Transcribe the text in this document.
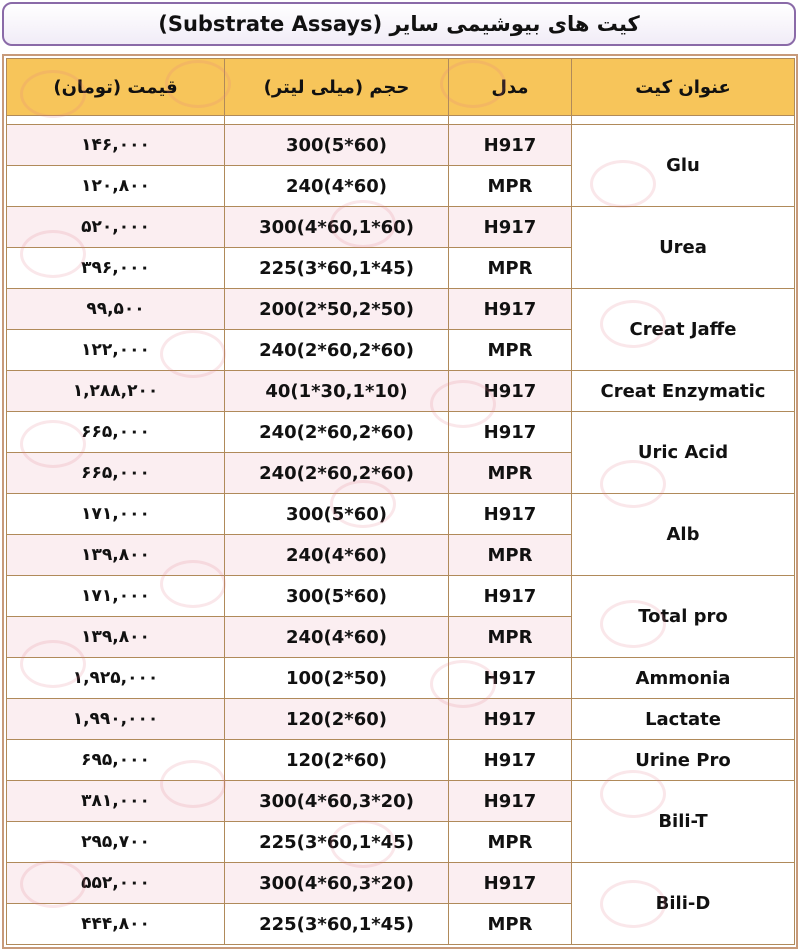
کیت های بیوشیمی سایر (Substrate Assays)
قیمت (تومان)	حجم (میلی لیتر)	مدل	عنوان کیت

۱۴۶,۰۰۰	300(5*60)	H917	Glu
۱۲۰,۸۰۰	240(4*60)	MPR	
۵۲۰,۰۰۰	300(4*60,1*60)	H917	Urea
۳۹۶,۰۰۰	225(3*60,1*45)	MPR	
۹۹,۵۰۰	200(2*50,2*50)	H917	Creat Jaffe
۱۲۲,۰۰۰	240(2*60,2*60)	MPR	
۱,۲۸۸,۲۰۰	40(1*30,1*10)	H917	Creat Enzymatic
۶۶۵,۰۰۰	240(2*60,2*60)	H917	Uric Acid
۶۶۵,۰۰۰	240(2*60,2*60)	MPR	
۱۷۱,۰۰۰	300(5*60)	H917	Alb
۱۳۹,۸۰۰	240(4*60)	MPR	
۱۷۱,۰۰۰	300(5*60)	H917	Total pro
۱۳۹,۸۰۰	240(4*60)	MPR	
۱,۹۲۵,۰۰۰	100(2*50)	H917	Ammonia
۱,۹۹۰,۰۰۰	120(2*60)	H917	Lactate
۶۹۵,۰۰۰	120(2*60)	H917	Urine Pro
۳۸۱,۰۰۰	300(4*60,3*20)	H917	Bili-T
۲۹۵,۷۰۰	225(3*60,1*45)	MPR	
۵۵۲,۰۰۰	300(4*60,3*20)	H917	Bili-D
۴۴۴,۸۰۰	225(3*60,1*45)	MPR	
